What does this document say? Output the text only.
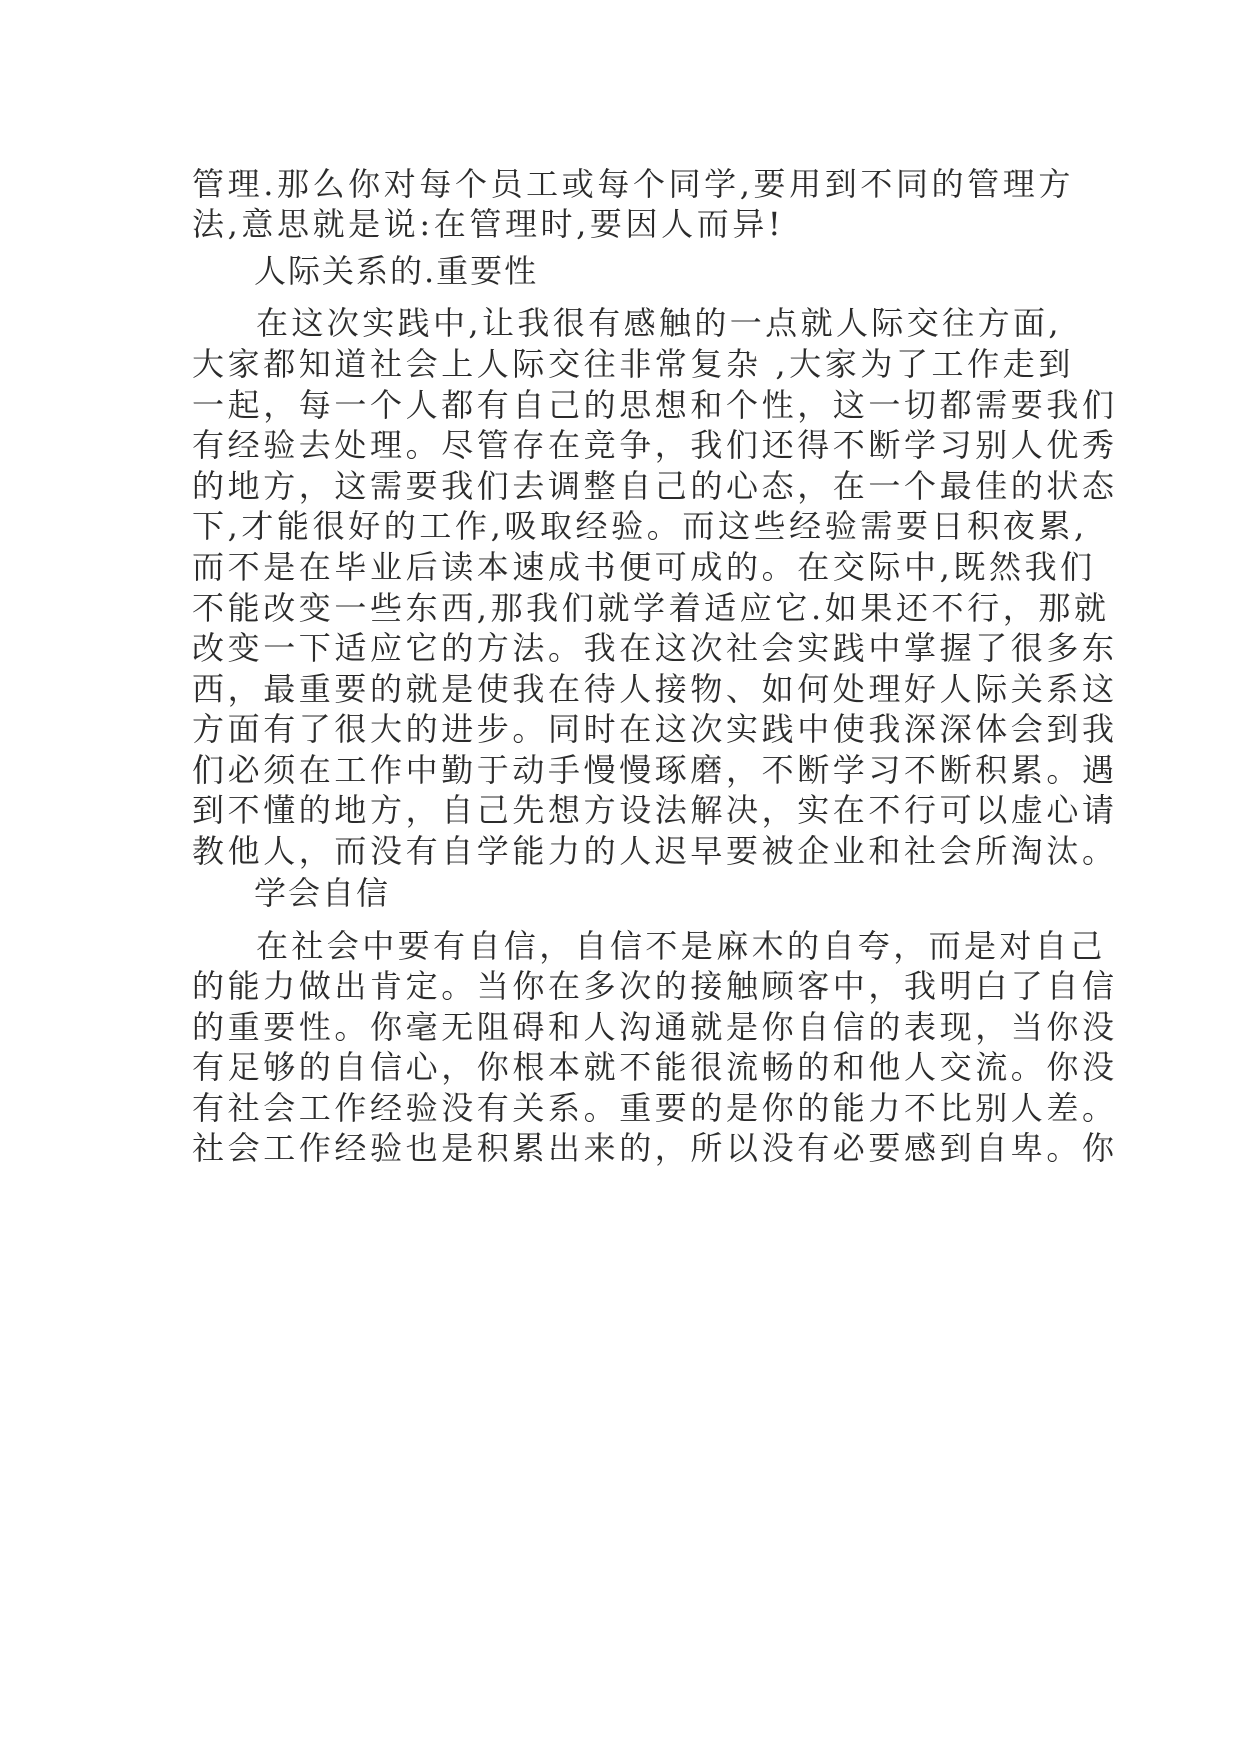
管理.那么你对每个员工或每个同学,要用到不同的管理方
法,意思就是说:在管理时,要因人而异!
人际关系的.重要性
在这次实践中,让我很有感触的一点就人际交往方面,
大家都知道社会上人际交往非常复杂 ,大家为了工作走到
一起，每一个人都有自己的思想和个性，这一切都需要我们
有经验去处理。尽管存在竞争，我们还得不断学习别人优秀
的地方，这需要我们去调整自己的心态，在一个最佳的状态
下,才能很好的工作,吸取经验。而这些经验需要日积夜累,
而不是在毕业后读本速成书便可成的。在交际中,既然我们
不能改变一些东西,那我们就学着适应它.如果还不行，那就
改变一下适应它的方法。我在这次社会实践中掌握了很多东
西，最重要的就是使我在待人接物、如何处理好人际关系这
方面有了很大的进步。同时在这次实践中使我深深体会到我
们必须在工作中勤于动手慢慢琢磨，不断学习不断积累。遇
到不懂的地方，自己先想方设法解决，实在不行可以虚心请
教他人，而没有自学能力的人迟早要被企业和社会所淘汰。
学会自信
在社会中要有自信，自信不是麻木的自夸，而是对自己
的能力做出肯定。当你在多次的接触顾客中，我明白了自信
的重要性。你毫无阻碍和人沟通就是你自信的表现，当你没
有足够的自信心，你根本就不能很流畅的和他人交流。你没
有社会工作经验没有关系。重要的是你的能力不比别人差。
社会工作经验也是积累出来的，所以没有必要感到自卑。你
